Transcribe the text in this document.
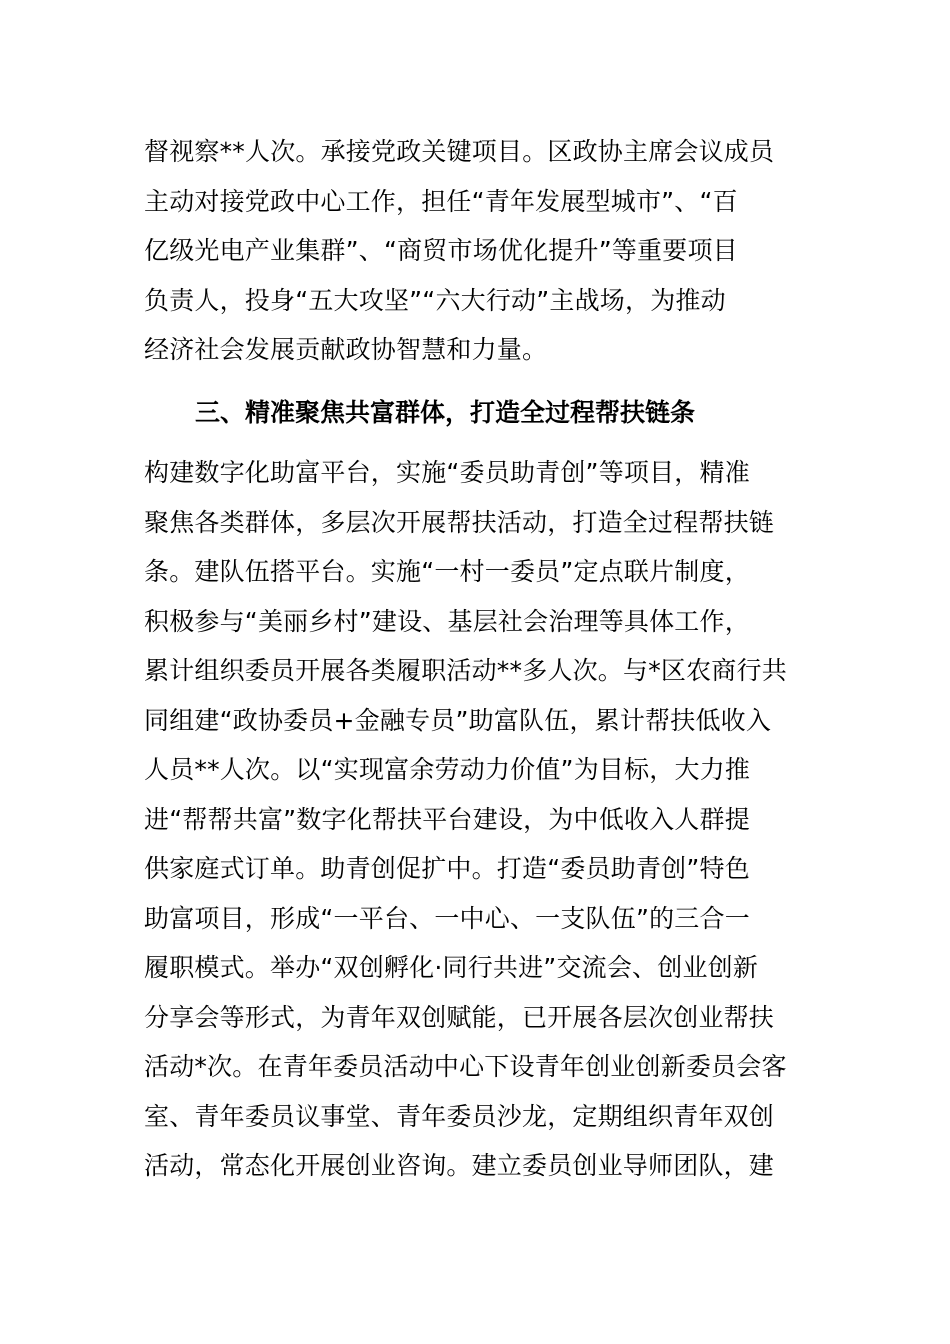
督视察**人次。承接党政关键项目。区政协主席会议成员
主动对接党政中心工作，担任“青年发展型城市”、“百
亿级光电产业集群”、“商贸市场优化提升”等重要项目
负责人，投身“五大攻坚”“六大行动”主战场，为推动
经济社会发展贡献政协智慧和力量。
三、精准聚焦共富群体，打造全过程帮扶链条
构建数字化助富平台，实施“委员助青创”等项目，精准
聚焦各类群体，多层次开展帮扶活动，打造全过程帮扶链
条。建队伍搭平台。实施“一村一委员”定点联片制度，
积极参与“美丽乡村”建设、基层社会治理等具体工作，
累计组织委员开展各类履职活动**多人次。与*区农商行共
同组建“政协委员+金融专员”助富队伍，累计帮扶低收入
人员**人次。以“实现富余劳动力价值”为目标，大力推
进“帮帮共富”数字化帮扶平台建设，为中低收入人群提
供家庭式订单。助青创促扩中。打造“委员助青创”特色
助富项目，形成“一平台、一中心、一支队伍”的三合一
履职模式。举办“双创孵化·同行共进”交流会、创业创新
分享会等形式，为青年双创赋能，已开展各层次创业帮扶
活动*次。在青年委员活动中心下设青年创业创新委员会客
室、青年委员议事堂、青年委员沙龙，定期组织青年双创
活动，常态化开展创业咨询。建立委员创业导师团队，建
